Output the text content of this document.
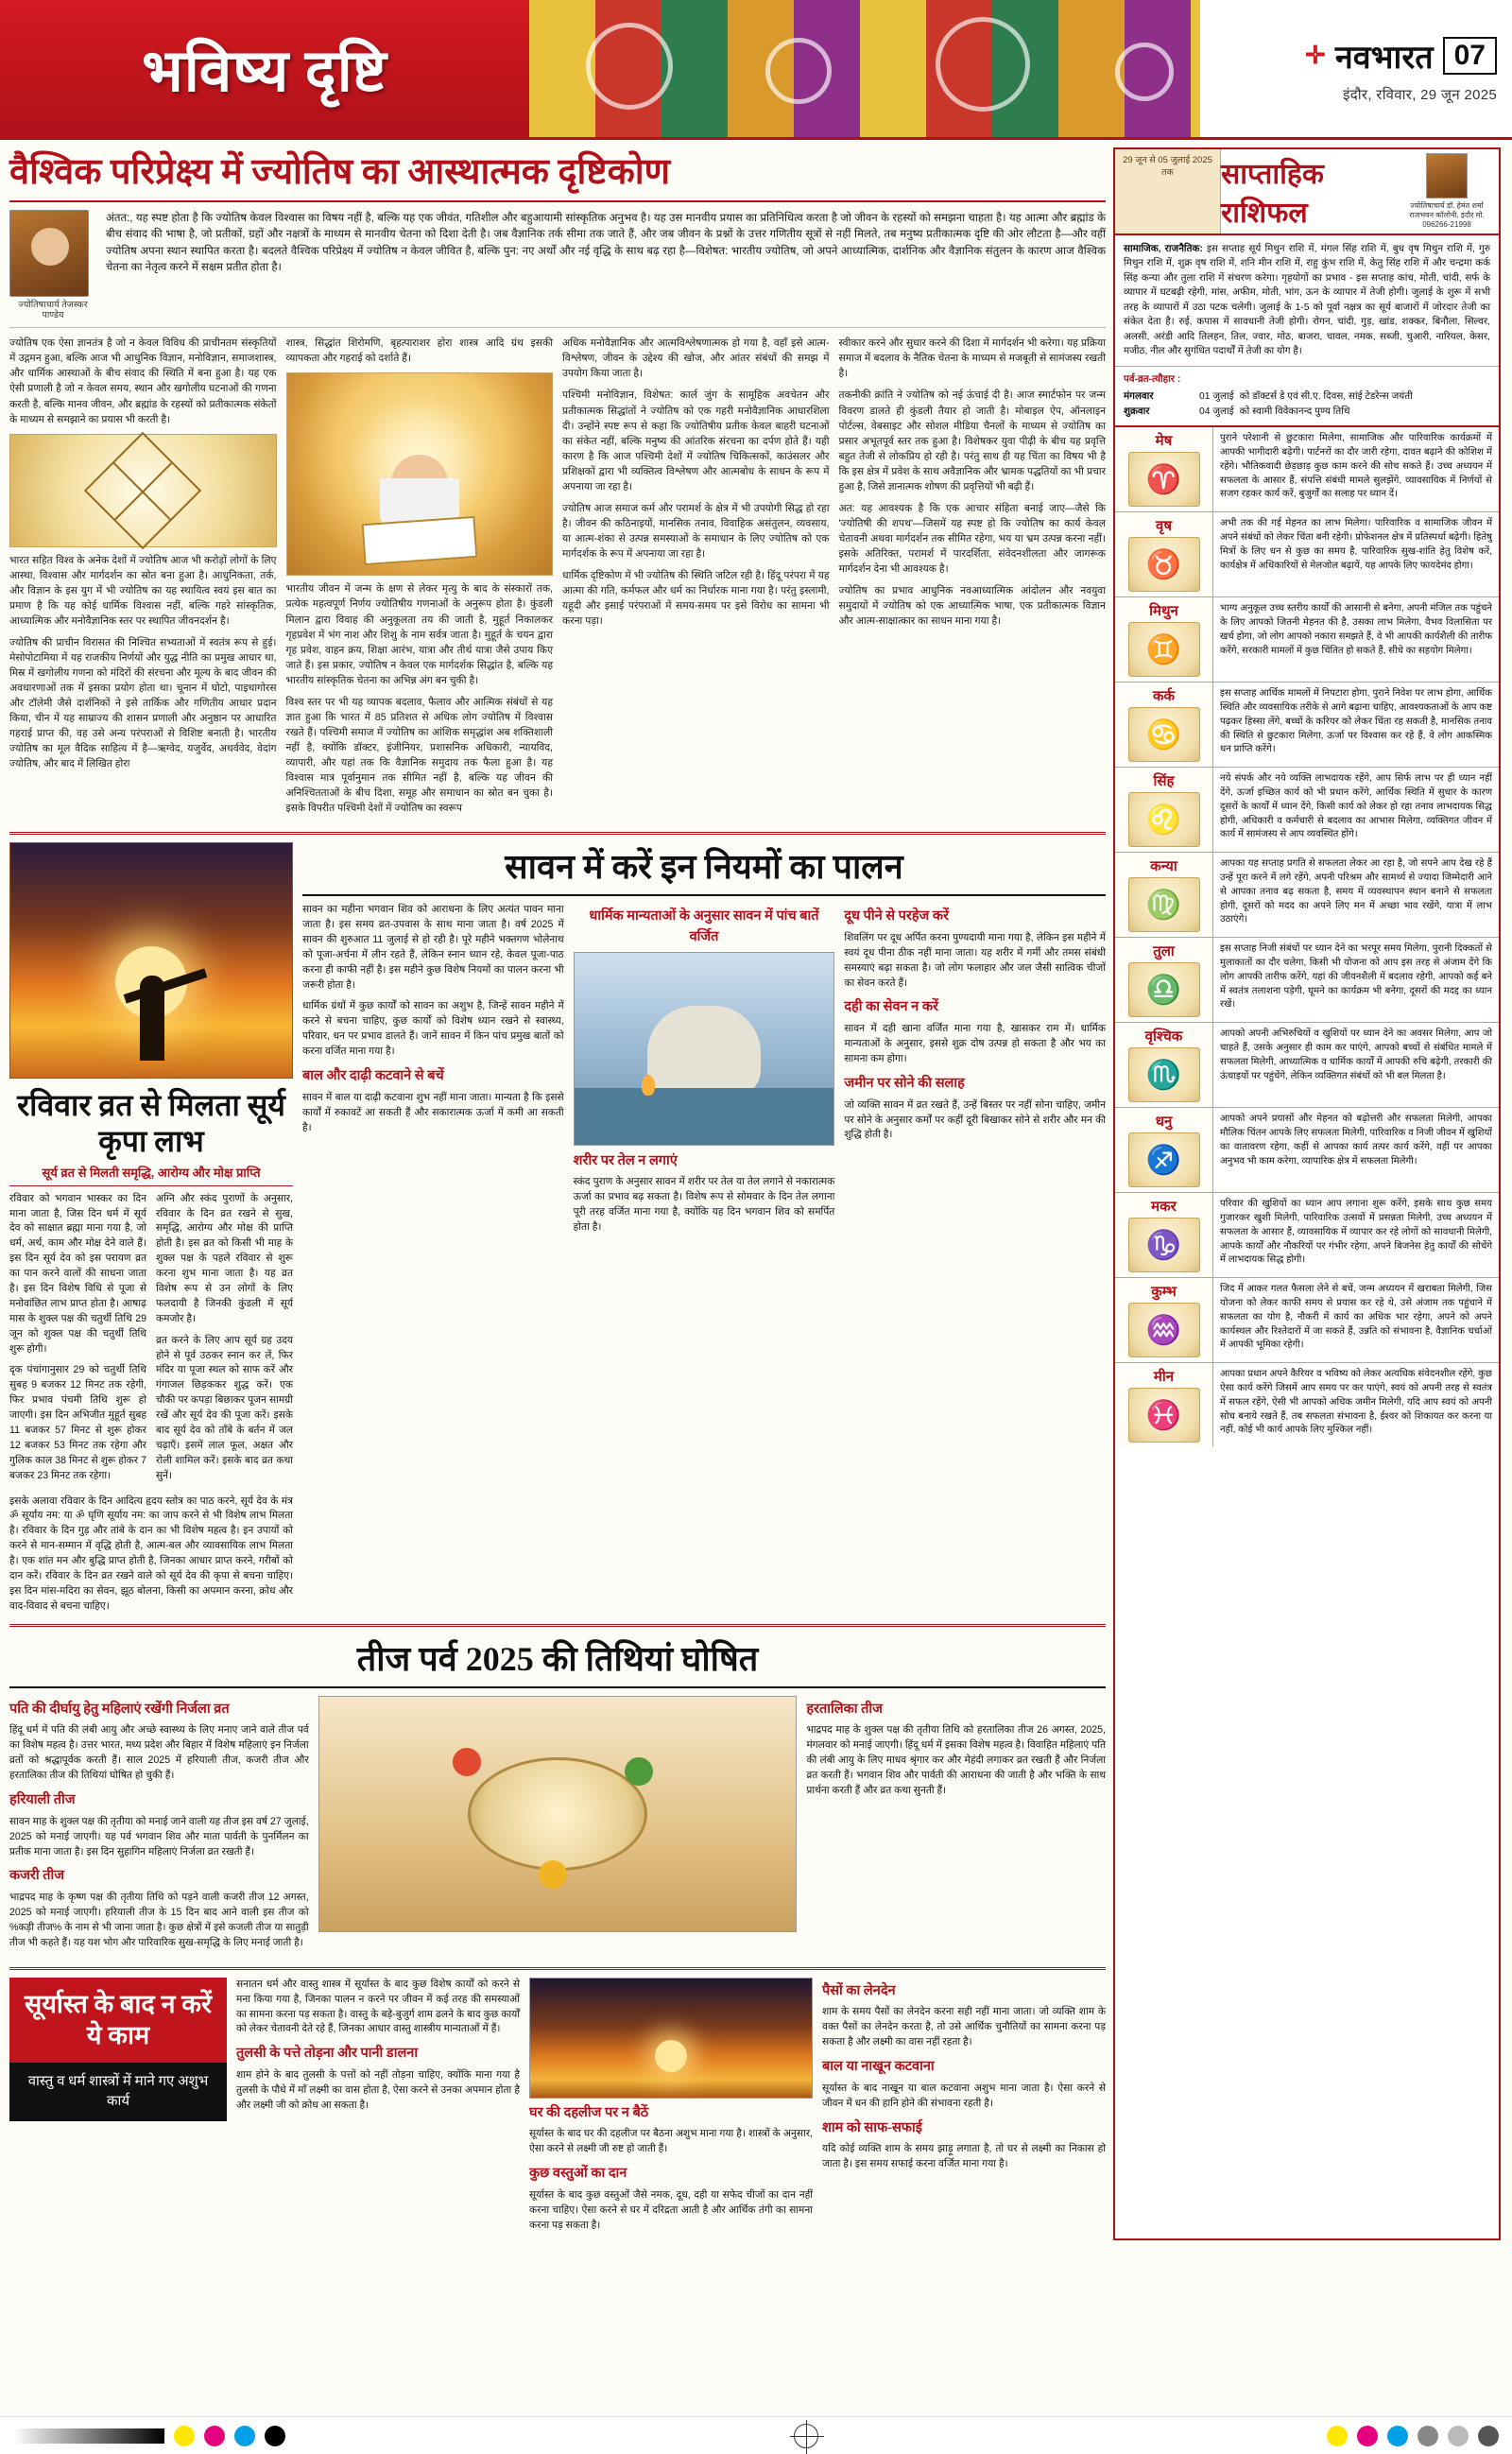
भविष्य दृष्टि	✛ नवभारत 07
इंदौर, रविवार, 29 जून 2025
वैश्विक परिप्रेक्ष्य में ज्योतिष का आस्थात्मक दृष्टिकोण
ज्योतिषाचार्य तेजस्कर पाण्डेय
अंतत:, यह स्पष्ट होता है कि ज्योतिष केवल विश्वास का विषय नहीं है, बल्कि यह एक जीवंत, गतिशील और बहुआयामी सांस्कृतिक अनुभव है। यह उस मानवीय प्रयास का प्रतिनिधित्व करता है जो जीवन के रहस्यों को समझना चाहता है। यह आत्मा और ब्रह्मांड के बीच संवाद की भाषा है, जो प्रतीकों, ग्रहों और नक्षत्रों के माध्यम से मानवीय चेतना को दिशा देती है। जब वैज्ञानिक तर्क सीमा तक जाते हैं, और जब जीवन के प्रश्नों के उत्तर गणितीय सूत्रों से नहीं मिलते, तब मनुष्य प्रतीकात्मक दृष्टि की ओर लौटता है—और वहीं ज्योतिष अपना स्थान स्थापित करता है। बदलते वैश्विक परिप्रेक्ष्य में ज्योतिष न केवल जीवित है, बल्कि पुन: नए अर्थों और नई वृद्धि के साथ बढ़ रहा है—विशेषत: भारतीय ज्योतिष, जो अपने आध्यात्मिक, दार्शनिक और वैज्ञानिक संतुलन के कारण आज वैश्विक चेतना का नेतृत्व करने में सक्षम प्रतीत होता है।

ज्योतिष एक ऐसा ज्ञानतंत्र है जो न केवल विविध की प्राचीनतम संस्कृतियों में उद्गमन हुआ, बल्कि आज भी आधुनिक विज्ञान, मनोविज्ञान, समाजशास्त्र, और धार्मिक आस्थाओं के बीच संवाद की स्थिति में बना हुआ है। यह एक ऐसी प्रणाली है जो न केवल समय, स्थान और खगोलीय घटनाओं की गणना करती है, बल्कि मानव जीवन, और ब्रह्मांड के रहस्यों को प्रतीकात्मक संकेतों के माध्यम से समझाने का प्रयास भी करती है।

भारत सहित विश्व के अनेक देशों में ज्योतिष आज भी करोड़ों लोगों के लिए आस्था, विश्वास और मार्गदर्शन का स्रोत बना हुआ है। आधुनिकता, तर्क, और विज्ञान के इस युग में भी ज्योतिष का यह स्थायित्व स्वयं इस बात का प्रमाण है कि यह कोई धार्मिक विश्वास नहीं, बल्कि गहरे सांस्कृतिक, आध्यात्मिक और मनोवैज्ञानिक स्तर पर स्थापित जीवनदर्शन है।

ज्योतिष की प्राचीन विरासत की निश्चित सभ्यताओं में स्वतंत्र रूप से हुई। मेसोपोटामिया में यह राजकीय निर्णयों और युद्ध नीति का प्रमुख आधार था, मिस्र में खगोलीय गणना को मंदिरों की संरचना और मूल्य के बाद जीवन की अवधारणाओं तक में इसका प्रयोग होता था। चूनान में घोटो, पाइथागोरस और टॉलेमी जैसे दार्शनिकों ने इसे तार्किक और गणितीय आधार प्रदान किया, चीन में यह साम्राज्य की शासन प्रणाली और अनुष्ठान पर आधारित गहराई प्राप्त की, वह उसे अन्य परंपराओं से विशिष्ट बनाती है। भारतीय ज्योतिष का मूल वैदिक साहित्य में है—ऋग्वेद, यजुर्वेद, अथर्ववेद, वेदांग ज्योतिष, और बाद में लिखित होरा

शास्त्र, सिद्धांत शिरोमणि, बृहत्पाराशर होरा शास्त्र आदि ग्रंथ इसकी व्यापकता और गहराई को दर्शाते हैं।

भारतीय जीवन में जन्म के क्षण से लेकर मृत्यु के बाद के संस्कारों तक, प्रत्येक महत्वपूर्ण निर्णय ज्योतिषीय गणनाओं के अनुरूप होता है। कुंडली मिलान द्वारा विवाह की अनुकूलता तय की जाती है, मुहूर्त निकालकर गृहप्रवेश में भंग नाश और शिशु के नाम सर्वत्र जाता है। मुहूर्त के चयन द्वारा गृह प्रवेश, वाहन क्रय, शिक्षा आरंभ, यात्रा और तीर्थ यात्रा जैसे उपाय किए जाते हैं। इस प्रकार, ज्योतिष न केवल एक मार्गदर्शक सिद्धांत है, बल्कि यह भारतीय सांस्कृतिक चेतना का अभिन्न अंग बन चुकी है।

विश्व स्तर पर भी यह व्यापक बदलाव, फैलाव और आत्मिक संबंधों से यह ज्ञात हुआ कि भारत में 85 प्रतिशत से अधिक लोग ज्योतिष में विश्वास रखते हैं। पश्चिमी समाज में ज्योतिष का आंशिक समृद्धांश अब शक्तिशाली नहीं है, क्योंकि डॉक्टर, इंजीनियर, प्रशासनिक अधिकारी, न्यायविद, व्यापारी, और यहां तक कि वैज्ञानिक समुदाय तक फैला हुआ है। यह विश्वास मात्र पूर्वानुमान तक सीमित नहीं है, बल्कि यह जीवन की अनिश्चितताओं के बीच दिशा, समूह और समाधान का स्रोत बन चुका है। इसके विपरीत पश्चिमी देशों में ज्योतिष का स्वरूप

अधिक मनोवैज्ञानिक और आत्मविश्लेषणात्मक हो गया है, वहाँ इसे आत्म-विश्लेषण, जीवन के उद्देश्य की खोज, और आंतर संबंधों की समझ में उपयोग किया जाता है।

पश्चिमी मनोविज्ञान, विशेषत: कार्ल जुंग के सामूहिक अवचेतन और प्रतीकात्मक सिद्धांतों ने ज्योतिष को एक गहरी मनोवैज्ञानिक आधारशिला दी। उन्होंने स्पष्ट रूप से कहा कि ज्योतिषीय प्रतीक केवल बाहरी घटनाओं का संकेत नहीं, बल्कि मनुष्य की आंतरिक संरचना का दर्पण होते हैं। यही कारण है कि आज पश्चिमी देशों में ज्योतिष चिकित्सकों, काउंसलर और प्रशिक्षकों द्वारा भी व्यक्तित्व विश्लेषण और आत्मबोध के साधन के रूप में अपनाया जा रहा है।

ज्योतिष आज समाज कर्म और परामर्श के क्षेत्र में भी उपयोगी सिद्ध हो रहा है। जीवन की कठिनाइयों, मानसिक तनाव, विवाहिक असंतुलन, व्यवसाय, या आत्म-शंका से उत्पन्न समस्याओं के समाधान के लिए ज्योतिष को एक मार्गदर्शक के रूप में अपनाया जा रहा है।

धार्मिक दृष्टिकोण में भी ज्योतिष की स्थिति जटिल रही है। हिंदू परंपरा में यह आत्मा की गति, कर्मफल और धर्म का निर्धारक माना गया है। परंतु इस्लामी, यहूदी और इसाई परंपराओं में समय-समय पर इसे विरोध का सामना भी करना पड़ा।

स्वीकार करने और सुधार करने की दिशा में मार्गदर्शन भी करेगा। यह प्रक्रिया समाज में बदलाव के नैतिक चेतना के माध्यम से मजबूती से सामंजस्य रखती है।

तकनीकी क्रांति ने ज्योतिष को नई ऊंचाई दी है। आज स्मार्टफोन पर जन्म विवरण डालते ही कुंडली तैयार हो जाती है। मोबाइल ऐप, ऑनलाइन पोर्टल्स, वेबसाइट और सोशल मीडिया चैनलों के माध्यम से ज्योतिष का प्रसार अभूतपूर्व स्तर तक हुआ है। विशेषकर युवा पीढ़ी के बीच यह प्रवृत्ति बहुत तेजी से लोकप्रिय हो रही है। परंतु साथ ही यह चिंता का विषय भी है कि इस क्षेत्र में प्रवेश के साथ अवैज्ञानिक और भ्रामक पद्धतियों का भी प्रचार हुआ है, जिसे ज्ञानात्मक शोषण की प्रवृत्तियों भी बढ़ी हैं।

अत: यह आवश्यक है कि एक आचार संहिता बनाई जाए—जैसे कि 'ज्योतिषी की शपथ'—जिसमें यह स्पष्ट हो कि ज्योतिष का कार्य केवल चेतावनी अथवा मार्गदर्शन तक सीमित रहेगा, भय या भ्रम उत्पन्न करना नहीं। इसके अतिरिक्त, परामर्श में पारदर्शिता, संवेदनशीलता और जागरूक मार्गदर्शन देना भी आवश्यक है।

ज्योतिष का प्रभाव आधुनिक नवआध्यात्मिक आंदोलन और नवयुवा समुदायों में ज्योतिष को एक आध्यात्मिक भाषा, एक प्रतीकात्मक विज्ञान और आत्म-साक्षात्कार का साधन माना गया है।

रविवार व्रत से मिलता सूर्य कृपा लाभ
सूर्य व्रत से मिलती समृद्धि, आरोग्य और मोक्ष प्राप्ति

रविवार को भगवान भास्कर का दिन माना जाता है, जिस दिन धर्म में सूर्य देव को साक्षात ब्रह्मा माना गया है, जो धर्म, अर्थ, काम और मोक्ष देने वाले हैं। इस दिन सूर्य देव को इस परायण व्रत का पान करने वालों की साधना जाता है। इस दिन विशेष विधि से पूजा से मनोवांछित लाभ प्राप्त होता है। आषाढ़ मास के शुक्ल पक्ष की चतुर्थी तिथि 29 जून को शुक्ल पक्ष की चतुर्थी तिथि शुरू होगी।

दृक पंचांगानुसार 29 को चतुर्थी तिथि सुबह 9 बजकर 12 मिनट तक रहेगी, फिर प्रभाव पंचमी तिथि शुरू हो जाएगी। इस दिन अभिजीत मुहूर्त सुबह 11 बजकर 57 मिनट से शुरू होकर 12 बजकर 53 मिनट तक रहेगा और गुलिक काल 38 मिनट से शुरू होकर 7 बजकर 23 मिनट तक रहेगा।

अग्नि और स्कंद पुराणों के अनुसार, रविवार के दिन व्रत रखने से सुख, समृद्धि, आरोग्य और मोक्ष की प्राप्ति होती है। इस व्रत को किसी भी माह के शुक्ल पक्ष के पहले रविवार से शुरू करना शुभ माना जाता है। यह व्रत विशेष रूप से उन लोगों के लिए फलदायी है जिनकी कुंडली में सूर्य कमजोर है।

व्रत करने के लिए आप सूर्य ग्रह उदय होने से पूर्व उठकर स्नान कर लें, फिर मंदिर या पूजा स्थल को साफ करें और गंगाजल छिड़ककर शुद्ध करें। एक चौकी पर कपड़ा बिछाकर पूजन सामग्री रखें और सूर्य देव की पूजा करें। इसके बाद सूर्य देव को ताँबे के बर्तन में जल चढ़ाएँ। इसमें लाल फूल, अक्षत और रोली शामिल करें। इसके बाद व्रत कथा सुनें।

इसके अलावा रविवार के दिन आदित्य हृदय स्तोत्र का पाठ करने, सूर्य देव के मंत्र ॐ सूर्याय नम: या ॐ घृणि सूर्याय नम: का जाप करने से भी विशेष लाभ मिलता है। रविवार के दिन गुड़ और तांबे के दान का भी विशेष महत्व है। इन उपायों को करने से मान-सम्मान में वृद्धि होती है, आत्म-बल और व्यावसायिक लाभ मिलता है। एक शांत मन और बुद्धि प्राप्त होती है, जिनका आधार प्राप्त करने, गरीबों को दान करें। रविवार के दिन व्रत रखने वाले को सूर्य देव की कृपा से बचना चाहिए। इस दिन मांस-मदिरा का सेवन, झूठ बोलना, किसी का अपमान करना, क्रोध और वाद-विवाद से बचना चाहिए।
सावन में करें इन नियमों का पालन

सावन का महीना भगवान शिव को आराधना के लिए अत्यंत पावन माना जाता है। इस समय व्रत-उपवास के साथ माना जाता है। वर्ष 2025 में सावन की शुरुआत 11 जुलाई से हो रही है। पूरे महीने भक्तगण भोलेनाथ को पूजा-अर्चना में लीन रहते हैं, लेकिन स्नान ध्यान रहे, केवल पूजा-पाठ करना ही काफी नहीं है। इस महीने कुछ विशेष नियमों का पालन करना भी जरूरी होता है।

धार्मिक ग्रंथों में कुछ कार्यों को सावन का अशुभ है, जिन्हें सावन महीने में करने से बचना चाहिए, कुछ कार्यों को विशेष ध्यान रखने से स्वास्थ्य, परिवार, धन पर प्रभाव डालते हैं। जानें सावन में किन पांच प्रमुख बातों को करना वर्जित माना गया है।

बाल और दाढ़ी कटवाने से बचें

सावन में बाल या दाढ़ी कटवाना शुभ नहीं माना जाता। मान्यता है कि इससे कार्यों में रुकावटें आ सकती हैं और सकारात्मक ऊर्जा में कमी आ सकती है।

धार्मिक मान्यताओं के अनुसार सावन में पांच बातें वर्जित
शरीर पर तेल न लगाएं

स्कंद पुराण के अनुसार सावन में शरीर पर तेल या तेल लगाने से नकारात्मक ऊर्जा का प्रभाव बढ़ सकता है। विशेष रूप से सोमवार के दिन तेल लगाना पूरी तरह वर्जित माना गया है, क्योंकि यह दिन भगवान शिव को समर्पित होता है।

दूध पीने से परहेज करें

शिवलिंग पर दूध अर्पित करना पुण्यदायी माना गया है, लेकिन इस महीने में स्वयं दूध पीना ठीक नहीं माना जाता। यह शरीर में गर्मी और तमस संबंधी समस्याएं बढ़ा सकता है। जो लोग फलाहार और जल जैसी सात्विक चीजों का सेवन करते हैं।

दही का सेवन न करें

सावन में दही खाना वर्जित माना गया है, खासकर राम में। धार्मिक मान्यताओं के अनुसार, इससे शुक्र दोष उत्पन्न हो सकता है और भय का सामना कम होगा।

जमीन पर सोने की सलाह

जो व्यक्ति सावन में व्रत रखते हैं, उन्हें बिस्तर पर नहीं सोना चाहिए, जमीन पर सोने के अनुसार कर्मों पर कहीं दूरी बिखाकर सोने से शरीर और मन की शुद्धि होती है।

तीज पर्व 2025 की तिथियां घोषित
पति की दीर्घायु हेतु महिलाएं रखेंगी निर्जला व्रत

हिंदू धर्म में पति की लंबी आयु और अच्छे स्वास्थ्य के लिए मनाए जाने वाले तीज पर्व का विशेष महत्व है। उत्तर भारत, मध्य प्रदेश और बिहार में विशेष महिलाएं इन निर्जला व्रतों को श्रद्धापूर्वक करती हैं। साल 2025 में हरियाली तीज, कजरी तीज और हरतालिका तीज की तिथियां घोषित हो चुकी हैं।

हरियाली तीज

सावन माह के शुक्ल पक्ष की तृतीया को मनाई जाने वाली यह तीज इस वर्ष 27 जुलाई, 2025 को मनाई जाएगी। यह पर्व भगवान शिव और माता पार्वती के पुनर्मिलन का प्रतीक माना जाता है। इस दिन सुहागिन महिलाएं निर्जला व्रत रखती हैं।

कजरी तीज

भाद्रपद माह के कृष्ण पक्ष की तृतीया तिथि को पड़ने वाली कजरी तीज 12 अगस्त, 2025 को मनाई जाएगी। हरियाली तीज के 15 दिन बाद आने वाली इस तीज को %कड़ी तीज% के नाम से भी जाना जाता है। कुछ क्षेत्रों में इसे कजली तीज या सातुड़ी तीज भी कहते हैं। यह यश भोग और पारिवारिक सुख-समृद्धि के लिए मनाई जाती है।

हरतालिका तीज

भाद्रपद माह के शुक्ल पक्ष की तृतीया तिथि को हरतालिका तीज 26 अगस्त, 2025, मंगलवार को मनाई जाएगी। हिंदू धर्म में इसका विशेष महत्व है। विवाहित महिलाएं पति की लंबी आयु के लिए माधव श्रृंगार कर और मेहंदी लगाकर व्रत रखती हैं और निर्जला व्रत करती हैं। भगवान शिव और पार्वती की आराधना की जाती है और भक्ति के साथ प्रार्थना करती हैं और व्रत कथा सुनती हैं।

सूर्यास्त के बाद न करें ये काम
वास्तु व धर्म शास्त्रों में माने गए अशुभ कार्य

सनातन धर्म और वास्तु शास्त्र में सूर्यास्त के बाद कुछ विशेष कार्यों को करने से मना किया गया है, जिनका पालन न करने पर जीवन में कई तरह की समस्याओं का सामना करना पड़ सकता है। वास्तु के बड़े-बुजुर्ग शाम ढलने के बाद कुछ कार्यों को लेकर चेतावनी देते रहे हैं, जिनका आधार वास्तु शास्त्रीय मान्यताओं में हैं।

तुलसी के पत्ते तोड़ना और पानी डालना

शाम होने के बाद तुलसी के पत्तों को नहीं तोड़ना चाहिए, क्योंकि माना गया है तुलसी के पौधे में माँ लक्ष्मी का वास होता है, ऐसा करने से उनका अपमान होता है और लक्ष्मी जी को क्रोध आ सकता है।	घर की दहलीज पर न बैठें

सूर्यास्त के बाद घर की दहलीज पर बैठना अशुभ माना गया है। शास्त्रों के अनुसार, ऐसा करने से लक्ष्मी जी रुष्ट हो जाती हैं।

कुछ वस्तुओं का दान

सूर्यास्त के बाद कुछ वस्तुओं जैसे नमक, दूध, दही या सफेद चीजों का दान नहीं करना चाहिए। ऐसा करने से घर में दरिद्रता आती है और आर्थिक तंगी का सामना करना पड़ सकता है।

पैसों का लेनदेन

शाम के समय पैसों का लेनदेन करना सही नहीं माना जाता। जो व्यक्ति शाम के वक्त पैसों का लेनदेन करता है, तो उसे आर्थिक चुनौतियों का सामना करना पड़ सकता है और लक्ष्मी का वास नहीं रहता है।

बाल या नाखून कटवाना

सूर्यास्त के बाद नाखून या बाल कटवाना अशुभ माना जाता है। ऐसा करने से जीवन में धन की हानि होने की संभावना रहती है।

शाम को साफ-सफाई

यदि कोई व्यक्ति शाम के समय झाड़ू लगाता है, तो घर से लक्ष्मी का निकास हो जाता है। इस समय सफाई करना वर्जित माना गया है।

29 जून से 05 जुलाई 2025 तक	साप्ताहिक राशिफल	ज्योतिषाचार्य डॉ. हेमंत शर्मा राजभवन कॉलोनी, इंदौर मो. 096266-21998
सामाजिक, राजनैतिक: इस सप्ताह सूर्य मिथुन राशि में, मंगल सिंह राशि में, बुध वृष मिथुन राशि में, गुरु मिथुन राशि में, शुक्र वृष राशि में, शनि मीन राशि में, राहु कुंभ राशि में, केतु सिंह राशि में और चन्द्रमा कर्क सिंह कन्या और तुला राशि में संचरण करेगा। गृहयोगों का प्रभाव - इस सप्ताह कांच, मोती, चांदी, सर्फ के व्यापार में घटबढ़ी रहेगी, मांस, अफीम, मोती, भांग, ऊन के व्यापार में तेजी होगी। जुलाई के शुरू में सभी तरह के व्यापारों में उठा पटक चलेगी। जुलाई के 1-5 को पूर्वा नक्षत्र का सूर्य बाजारों में जोरदार तेजी का संकेत देता है। रुई, कपास में सावधानी तेजी होगी। रोगन, चांदी, गुड़, खांड, शक्कर, बिनौला, सिल्वर, अलसी, अरंडी आदि तिलहन, तिल, ज्वार, मोठ, बाजरा, चावल, नमक, सब्जी, चुआरी, नारियल, केसर, मजीठ, नील और सुगंधित पदार्थों में तेजी का योग है।
पर्व-व्रत-त्यौहार :
मंगलवार	01 जुलाई को डॉक्टर्स डे एवं सी.ए. दिवस, सांई टेडरेन्स जयंती
शुक्रवार	04 जुलाई को स्वामी विवेकानन्द पुण्य तिथि
मेष
♈
पुराने परेशानी से छुटकारा मिलेगा, सामाजिक और पारिवारिक कार्यक्रमों में आपकी भागीदारी बढ़ेगी। पार्टनरों का दौर जारी रहेगा, दावत बढ़ाने की कोशिश में रहेंगे। भौतिकवादी छेड़छाड़ कुछ काम करने की सोच सकते हैं। उच्च अध्ययन में सफलता के आसार हैं, संपत्ति संबंधी मामले सुलझेंगे, व्यावसायिक में निर्णयों से सजग रहकर कार्य करें, बुजुर्गों का सलाह पर ध्यान दें।
वृष
♉
अभी तक की गई मेहनत का लाभ मिलेगा। पारिवारिक व सामाजिक जीवन में अपने संबंधों को लेकर चिंता बनी रहेगी। प्रोफेशनल क्षेत्र में प्रतिस्पर्धा बढ़ेगी। हितेषु मित्रों के लिए धन से कुछ का समय है, पारिवारिक सुख-शांति हेतु विशेष करें, कार्यक्षेत्र में अधिकारियों से मेलजोल बढ़ायें, यह आपके लिए फायदेमंद होगा।
मिथुन
♊
भाग्य अनुकूल उच्च स्तरीय कार्यों की आसानी से बनेगा, अपनी मंजिल तक पहुंचने के लिए आपको जितनी मेहनत की है, उसका लाभ मिलेगा, वैभव विलासिता पर खर्च होगा, जो लोग आपको नकारा समझते हैं, वे भी आपकी कार्यशैली की तारीफ करेंगे, सरकारी मामलों में कुछ चिंतित हो सकते हैं, सीधे का सहयोग मिलेगा।
कर्क
♋
इस सप्ताह आर्थिक मामलों में निपटारा होगा, पुराने निवेश पर लाभ होगा, आर्थिक स्थिति और व्यवसायिक तरीके से आगे बढ़ाना चाहिए, आवश्यकताओं के आप कष्ट पढ़कर हिस्सा लेंगे, बच्चों के करियर को लेकर चिंता रह सकती है, मानसिक तनाव की स्थिति से छुटकारा मिलेगा, ऊर्जा पर विश्वास कर रहे हैं, वे लोग आकस्मिक धन प्राप्ति करेंगे।
सिंह
♌
नये संपर्क और नये व्यक्ति लाभदायक रहेंगे, आप सिर्फ लाभ पर ही ध्यान नहीं देंगे, ऊर्जा इच्छित कार्य को भी प्रधान करेंगे, आर्थिक स्थिति में सुधार के कारण दूसरों के कार्यों में ध्यान देंगे, किसी कार्य को लेकर हो रहा तनाव लाभदायक सिद्ध होगी, अधिकारी व कर्मचारी से बदलाव का आभास मिलेगा, व्यक्तिगत जीवन में कार्य में सामंजस्य से आप व्यवस्थित होंगे।
कन्या
♍
आपका यह सप्ताह प्रगति से सफलता लेकर आ रहा है, जो सपने आप देख रहे हैं उन्हें पूरा करने में लगे रहेंगे, अपनी परिश्रम और सामर्थ्य से ज्यादा जिम्मेदारी आने से आपका तनाव बढ़ सकता है, समय में व्यवस्थापन स्थान बनाने से सफलता होगी, दूसरों को मदद का अपने लिए मन में अच्छा भाव रखेंगे, यात्रा में लाभ उठाएंगे।
तुला
♎
इस सप्ताह निजी संबंधों पर ध्यान देने का भरपूर समय मिलेगा, पुरानी दिक्कतों से मुलाकातों का दौर चलेगा, किसी भी योजना को आप इस तरह से अंजाम देंगे कि लोग आपकी तारीफ करेंगे, यहां की जीवनशैली में बदलाव रहेगी, आपको कई बने में स्वतंत्र तलाशना पड़ेगी, घूमने का कार्यक्रम भी बनेगा, दूसरों की मदद्द का ध्यान रखें।
वृश्चिक
♏
आपको अपनी अभिरुचियों व खुशियों पर ध्यान देने का अवसर मिलेगा, आप जो चाहते हैं, उसके अनुसार ही काम कर पाएंगे, आपको बच्चों से संबंधित मामले में सफलता मिलेगी, आध्यात्मिक व धार्मिक कार्यों में आपकी रुचि बढ़ेगी, तरकारी की ऊंचाइयों पर पहुंचेंगे, लेकिन व्यक्तिगत संबंधों को भी बल मिलता है।
धनु
♐
आपको अपने प्रयासों और मेहनत को बढ़ोत्तरी और सफलता मिलेगी, आपका मौलिक चिंतन आपके लिए सफलता मिलेगी, पारिवारिक व निजी जीवन में खुशियों का वातावरण रहेगा, कहीं से आपका कार्य तत्पर कार्य करेंगे, वहीं पर आपका अनुभव भी काम करेगा, व्यापारिक क्षेत्र में सफलता मिलेगी।
मकर
♑
परिवार की खुशियों का ध्यान आप लगाना शुरू करेंगे, इसके साथ कुछ समय गुजारकर खुशी मिलेगी, पारिवारिक उत्सवों में प्रसन्नता मिलेगी, उच्च अध्ययन में सफलता के आसार हैं, व्यावसायिक में व्यापार कर रहे लोगों को सावधानी मिलेगी, आपके कार्यों और नौकरियों पर गंभीर रहेगा, अपने बिजनेस हेतु कार्यों की सोचेंगे में लाभदायक सिद्ध होगी।
कुम्भ
♒
जिद में आकर गलत फैसला लेने से बचें, जन्म अध्ययन में खराबता मिलेगी, जिस योजना को लेकर काफी समय से प्रयास कर रहे थे, उसे अंजाम तक पहुंचाने में सफलता का योग है, नौकरी में कार्य का अधिक भार रहेगा, अपने को अपने कार्यस्थल और रिश्तेदारों में जा सकते हैं, उन्नति को संभावना है, वैज्ञानिक चर्चाओं में आपकी भूमिका रहेगी।
मीन
♓
आपका प्रधान अपने कैरियर व भविष्य को लेकर अत्यधिक संवेदनशील रहेंगे, कुछ ऐसा कार्य करेंगे जिसमें आप समय पर कर पाएंगे, स्वयं को अपनी तरह से स्वतंत्र में सफल रहेंगे, ऐसी भी आपको अधिक जमीन मिलेगी, यदि आप स्वयं को अपनी सोच बनाये रखते हैं, तब सफलता संभावना है, ईश्वर को शिकायत कर करना या नहीं, कोई भी कार्य आपके लिए मुश्किल नहीं।
